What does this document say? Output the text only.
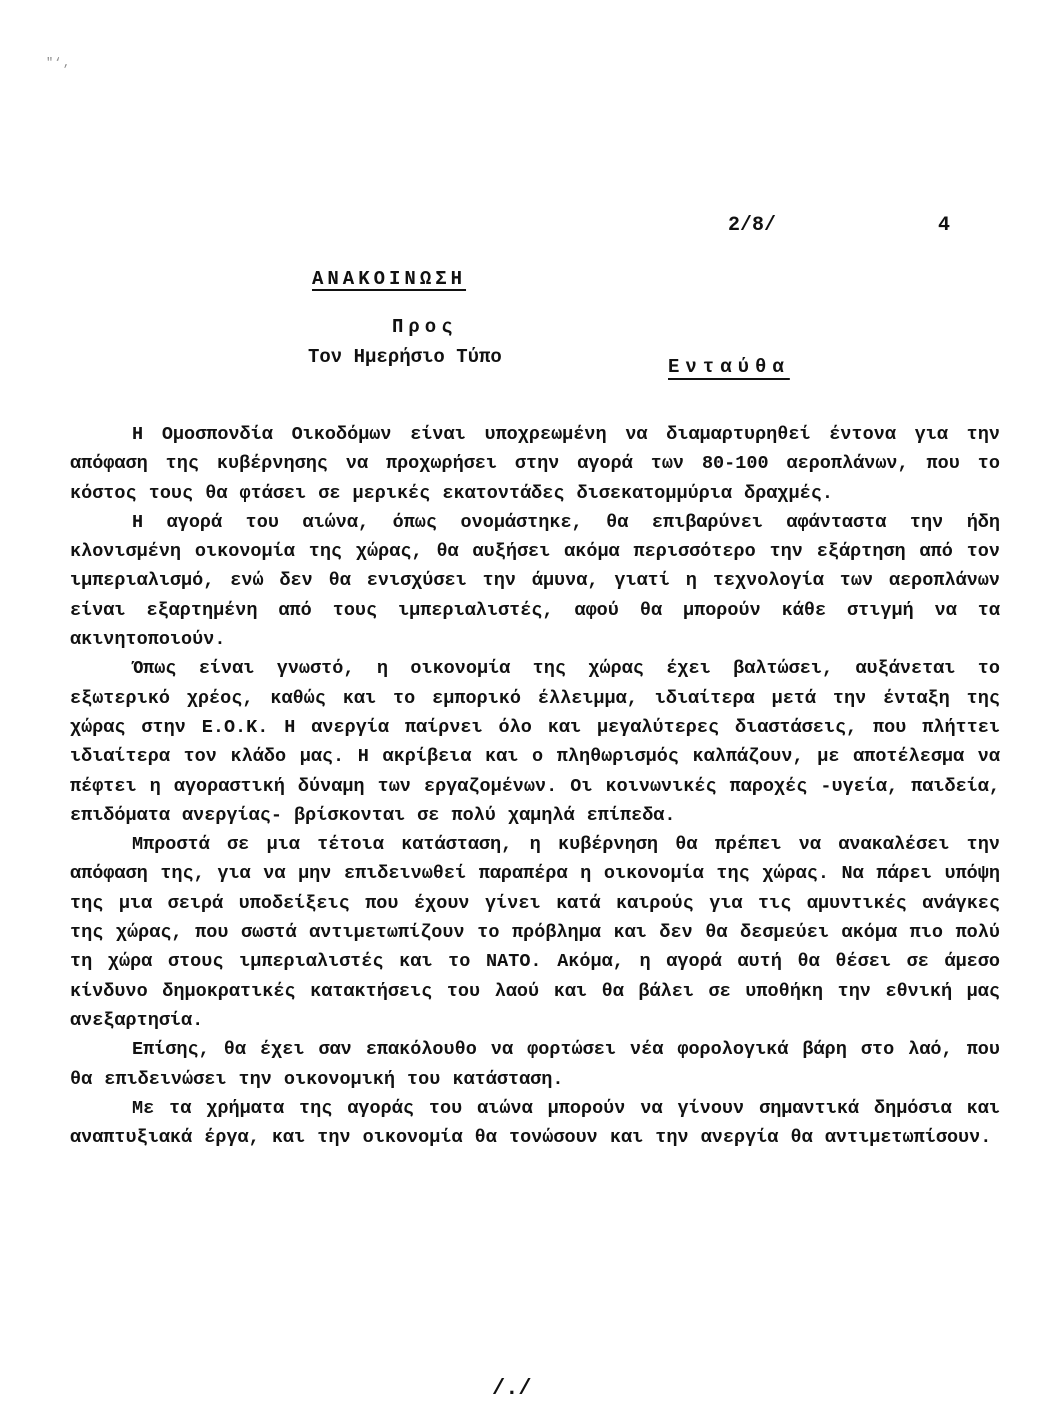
"‘‚
2/8/	4
ΑΝΑΚΟΙΝΩΣΗ
Προς
Τον Ημερήσιο Τύπο	Ενταύθα

Η Ομοσπονδία Οικοδόμων είναι υποχρεωμένη να διαμαρτυρηθεί έντονα για την απόφαση της κυβέρνησης να προχωρήσει στην αγορά των 80-100 αεροπλάνων, που το κόστος τους θα φτάσει σε μερικές εκατοντάδες δισεκατομμύρια δραχμές.

Η αγορά του αιώνα, όπως ονομάστηκε, θα επιβαρύνει αφάνταστα την ήδη κλονισμένη οικονομία της χώρας, θα αυξήσει ακόμα περισσότερο την εξάρτηση από τον ιμπεριαλισμό, ενώ δεν θα ενισχύσει την άμυνα, γιατί η τεχνολογία των αεροπλάνων είναι εξαρτημένη από τους ιμπεριαλιστές, αφού θα μπορούν κάθε στιγμή να τα ακινητοποιούν.

Όπως είναι γνωστό, η οικονομία της χώρας έχει βαλτώσει, αυξάνεται το εξωτερικό χρέος, καθώς και το εμπορικό έλλειμμα, ιδιαίτερα μετά την ένταξη της χώρας στην Ε.Ο.Κ. Η ανεργία παίρνει όλο και μεγαλύτερες διαστάσεις, που πλήττει ιδιαίτερα τον κλάδο μας. Η ακρίβεια και ο πληθωρισμός καλπάζουν, με αποτέλεσμα να πέφτει η αγοραστική δύναμη των εργαζομένων. Οι κοινωνικές παροχές -υγεία, παιδεία, επιδόματα ανεργίας- βρίσκονται σε πολύ χαμηλά επίπεδα.

Μπροστά σε μια τέτοια κατάσταση, η κυβέρνηση θα πρέπει να ανακαλέσει την απόφαση της, για να μην επιδεινωθεί παραπέρα η οικονομία της χώρας. Να πάρει υπόψη της μια σειρά υποδείξεις που έχουν γίνει κατά καιρούς για τις αμυντικές ανάγκες της χώρας, που σωστά αντιμετωπίζουν το πρόβλημα και δεν θα δεσμεύει ακόμα πιο πολύ τη χώρα στους ιμπεριαλιστές και το ΝΑΤΟ. Ακόμα, η αγορά αυτή θα θέσει σε άμεσο κίνδυνο δημοκρατικές κατακτήσεις του λαού και θα βάλει σε υποθήκη την εθνική μας ανεξαρτησία.

Επίσης, θα έχει σαν επακόλουθο να φορτώσει νέα φορολογικά βάρη στο λαό, που θα επιδεινώσει την οικονομική του κατάσταση.

Με τα χρήματα της αγοράς του αιώνα μπορούν να γίνουν σημαντικά δημόσια και αναπτυξιακά έργα, και την οικονομία θα τονώσουν και την ανεργία θα αντιμετωπίσουν.

/./
